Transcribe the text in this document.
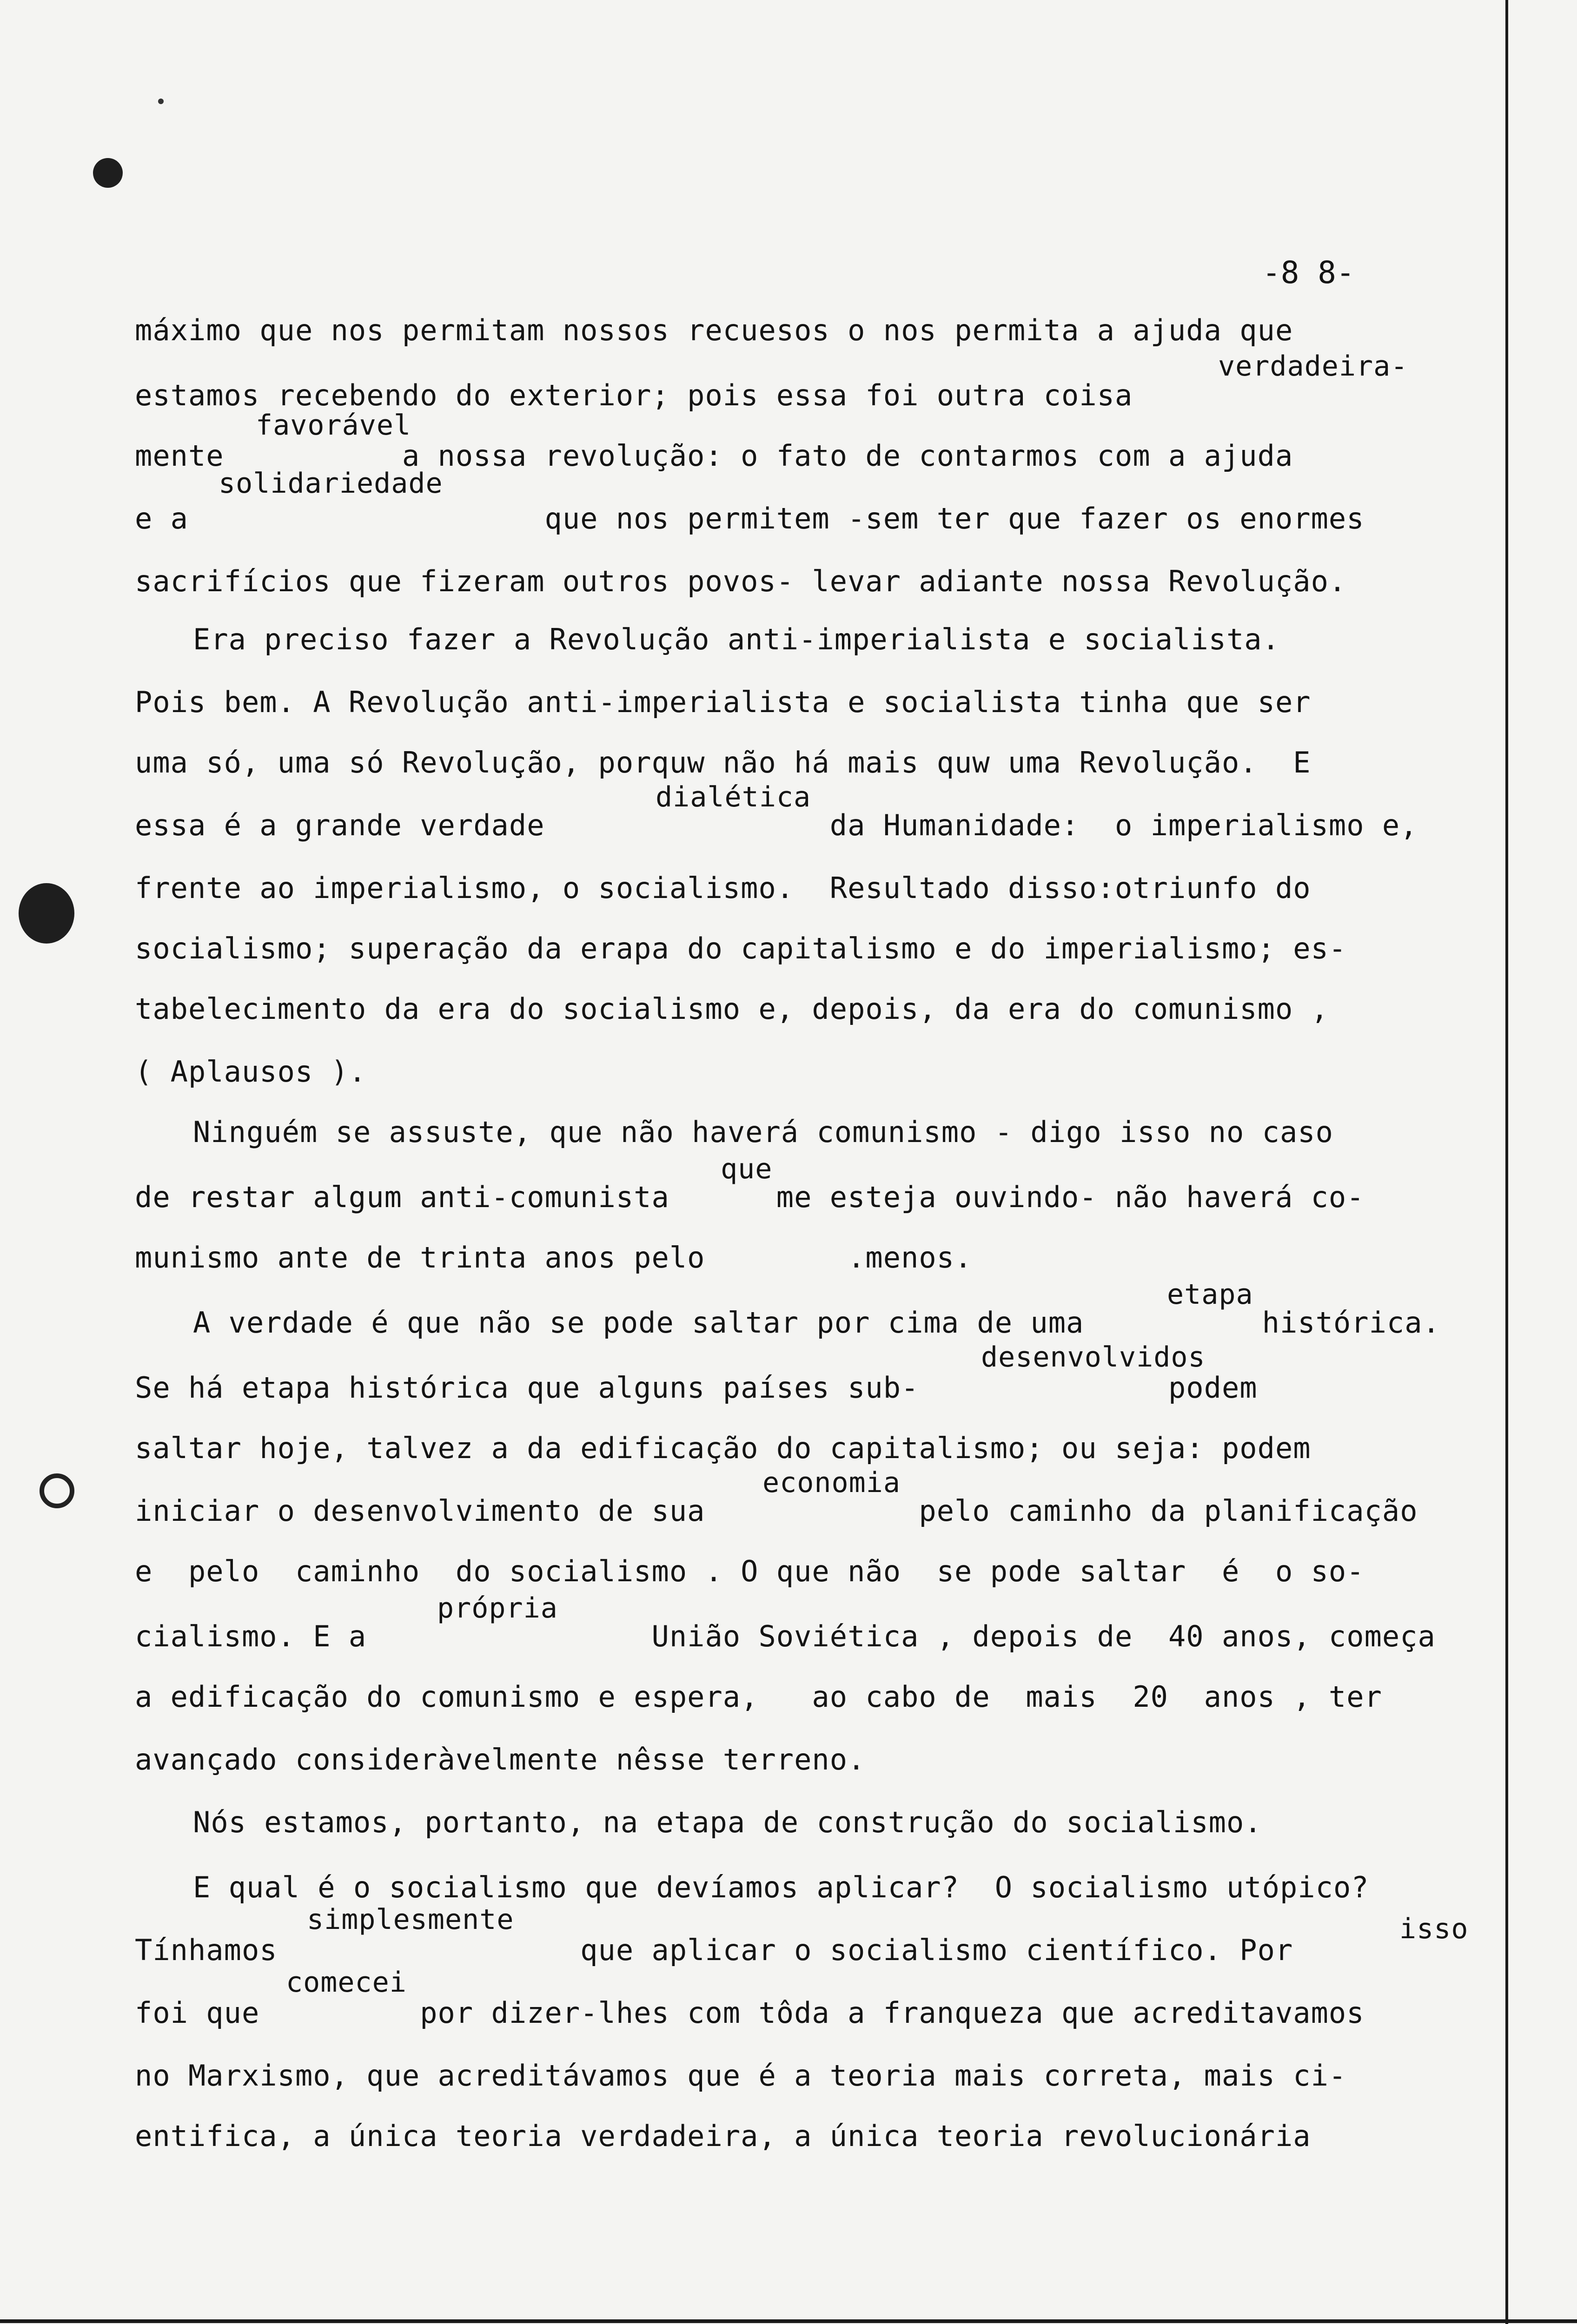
-8 8-
máximo que nos permitam nossos recuesos o nos permita a ajuda que
verdadeira-
estamos recebendo do exterior; pois essa foi outra coisa
favorável
mente          a nossa revolução: o fato de contarmos com a ajuda
solidariedade
e a                    que nos permitem -sem ter que fazer os enormes
sacrifícios que fizeram outros povos- levar adiante nossa Revolução.
Era preciso fazer a Revolução anti-imperialista e socialista.
Pois bem. A Revolução anti-imperialista e socialista tinha que ser
uma só, uma só Revolução, porquw não há mais quw uma Revolução.  E
dialética
essa é a grande verdade                da Humanidade:  o imperialismo e,
frente ao imperialismo, o socialismo.  Resultado disso:otriunfo do
socialismo; superação da erapa do capitalismo e do imperialismo; es-
tabelecimento da era do socialismo e, depois, da era do comunismo ,
( Aplausos ).
Ninguém se assuste, que não haverá comunismo - digo isso no caso
que
de restar algum anti-comunista      me esteja ouvindo- não haverá co-
munismo ante de trinta anos pelo        .menos.
etapa
A verdade é que não se pode saltar por cima de uma          histórica.
desenvolvidos
Se há etapa histórica que alguns países sub-              podem
saltar hoje, talvez a da edificação do capitalismo; ou seja: podem
economia
iniciar o desenvolvimento de sua            pelo caminho da planificação
e  pelo  caminho  do socialismo . O que não  se pode saltar  é  o so-
própria
cialismo. E a                União Soviética , depois de  40 anos, começa
a edificação do comunismo e espera,   ao cabo de  mais  20  anos , ter
avançado consideràvelmente nêsse terreno.
Nós estamos, portanto, na etapa de construção do socialismo.
E qual é o socialismo que devíamos aplicar?  O socialismo utópico?
simplesmente	isso
Tínhamos                 que aplicar o socialismo científico. Por
comecei
foi que         por dizer-lhes com tôda a franqueza que acreditavamos
no Marxismo, que acreditávamos que é a teoria mais correta, mais ci-
entifica, a única teoria verdadeira, a única teoria revolucionária
